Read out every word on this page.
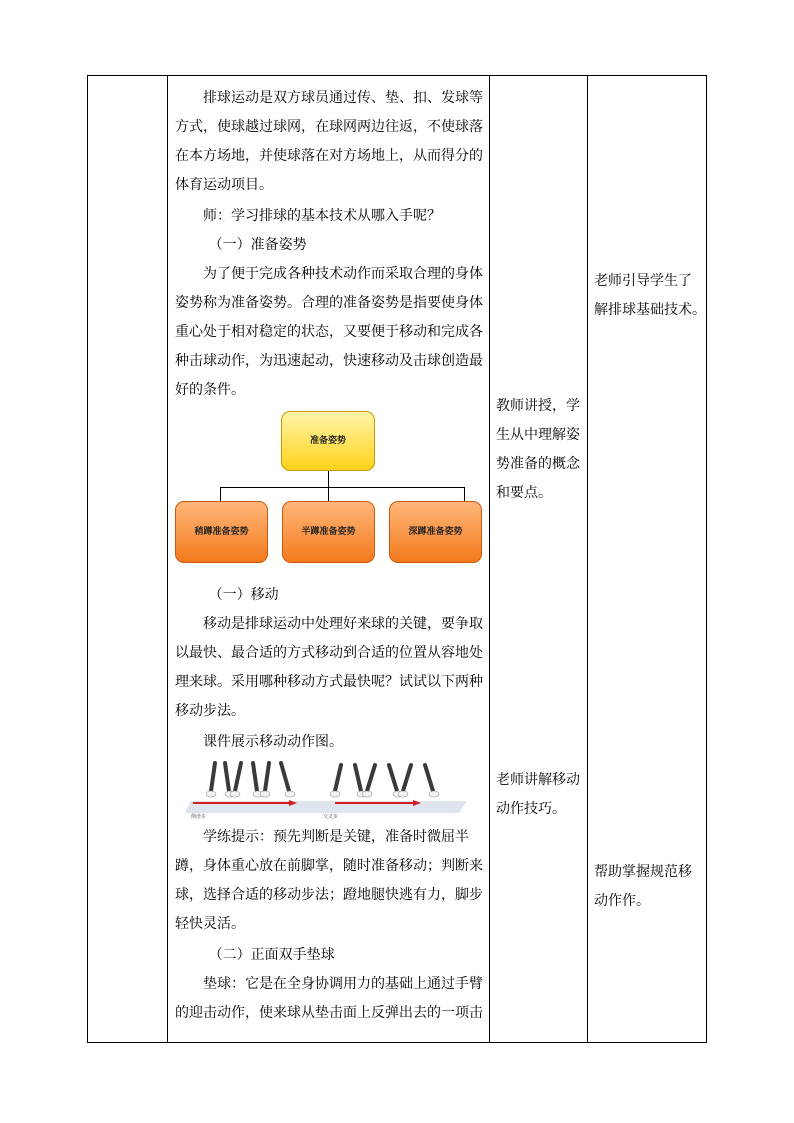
排球运动是双方球员通过传、垫、扣、发球等方式，使球越过球网，在球网两边往返，不使球落在本方场地，并使球落在对方场地上，从而得分的体育运动项目。

师：学习排球的基本技术从哪入手呢？

（一）准备姿势

为了便于完成各种技术动作而采取合理的身体姿势称为准备姿势。合理的准备姿势是指要使身体重心处于相对稳定的状态，又要便于移动和完成各种击球动作，为迅速起动，快速移动及击球创造最好的条件。

准备姿势
稍蹲准备姿势	半蹲准备姿势	深蹲准备姿势

（一）移动

移动是排球运动中处理好来球的关键，要争取以最快、最合适的方式移动到合适的位置从容地处理来球。采用哪种移动方式最快呢？试试以下两种移动步法。

课件展示移动动作图。

侧滑步	交叉步

学练提示：预先判断是关键，准备时微屈半蹲，身体重心放在前脚掌，随时准备移动；判断来球，选择合适的移动步法；蹬地腿快逃有力，脚步轻快灵活。

（二）正面双手垫球

垫球：它是在全身协调用力的基础上通过手臂的迎击动作，使来球从垫击面上反弹出去的一项击

教师讲授，学
生从中理解姿
势准备的概念
和要点。
老师讲解移动
动作技巧。
老师引导学生了
解排球基础技术。
帮助掌握规范移
动作作。
